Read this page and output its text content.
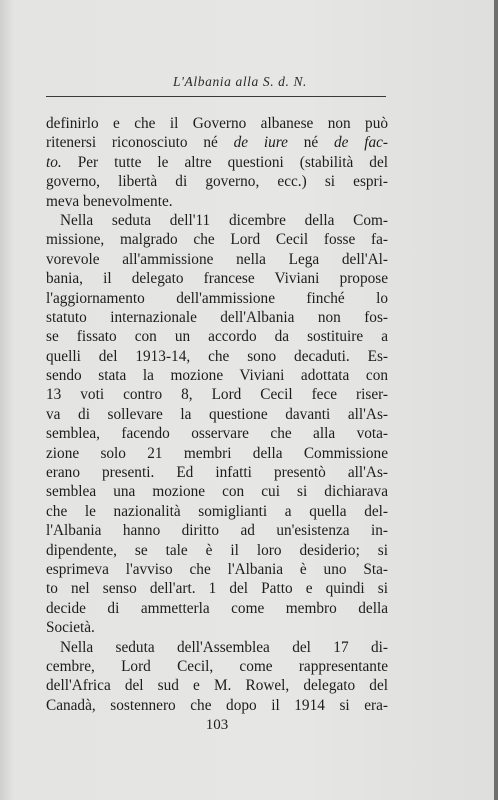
L'Albania alla S. d. N.
definirlo e che il Governo albanese non può
ritenersi riconosciuto né de iure né de fac-
to. Per tutte le altre questioni (stabilità del
governo, libertà di governo, ecc.) si espri-
meva benevolmente.
Nella seduta dell'11 dicembre della Com-
missione, malgrado che Lord Cecil fosse fa-
vorevole all'ammissione nella Lega dell'Al-
bania, il delegato francese Viviani propose
l'aggiornamento dell'ammissione finché lo
statuto internazionale dell'Albania non fos-
se fissato con un accordo da sostituire a
quelli del 1913-14, che sono decaduti. Es-
sendo stata la mozione Viviani adottata con
13 voti contro 8, Lord Cecil fece riser-
va di sollevare la questione davanti all'As-
semblea, facendo osservare che alla vota-
zione solo 21 membri della Commissione
erano presenti. Ed infatti presentò all'As-
semblea una mozione con cui si dichiarava
che le nazionalità somiglianti a quella del-
l'Albania hanno diritto ad un'esistenza in-
dipendente, se tale è il loro desiderio; si
esprimeva l'avviso che l'Albania è uno Sta-
to nel senso dell'art. 1 del Patto e quindi si
decide di ammetterla come membro della
Società.
Nella seduta dell'Assemblea del 17 di-
cembre, Lord Cecil, come rappresentante
dell'Africa del sud e M. Rowel, delegato del
Canadà, sostennero che dopo il 1914 si era-
103
